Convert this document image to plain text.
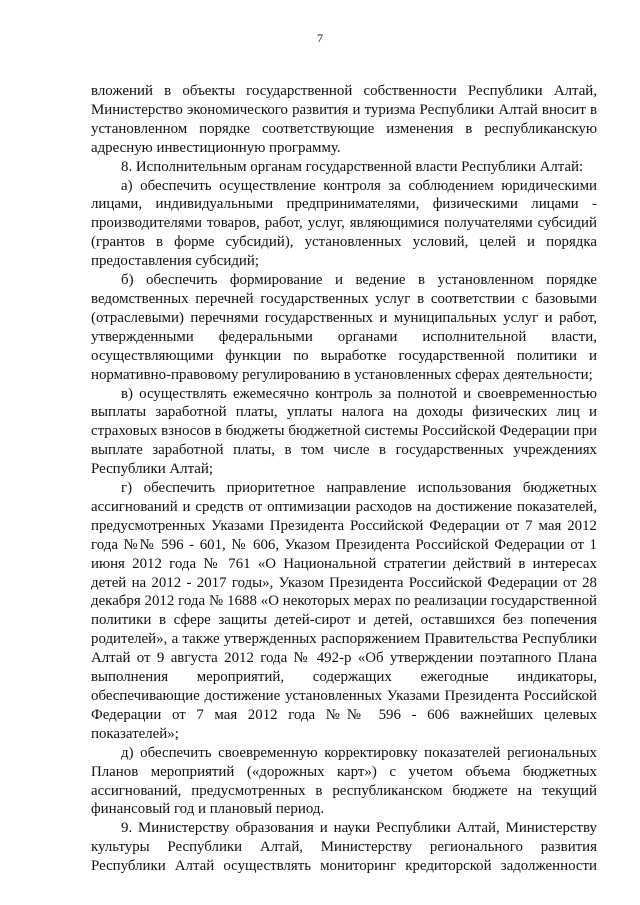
7

вложений в объекты государственной собственности Республики Алтай, Министерство экономического развития и туризма Республики Алтай вносит в установленном порядке соответствующие изменения в республиканскую адресную инвестиционную программу.

8. Исполнительным органам государственной власти Республики Алтай:

а) обеспечить осуществление контроля за соблюдением юридическими лицами, индивидуальными предпринимателями, физическими лицами - производителями товаров, работ, услуг, являющимися получателями субсидий (грантов в форме субсидий), установленных условий, целей и порядка предоставления субсидий;

б) обеспечить формирование и ведение в установленном порядке ведомственных перечней государственных услуг в соответствии с базовыми (отраслевыми) перечнями государственных и муниципальных услуг и работ, утвержденными федеральными органами исполнительной власти, осуществляющими функции по выработке государственной политики и нормативно-правовому регулированию в установленных сферах деятельности;

в) осуществлять ежемесячно контроль за полнотой и своевременностью выплаты заработной платы, уплаты налога на доходы физических лиц и страховых взносов в бюджеты бюджетной системы Российской Федерации при выплате заработной платы, в том числе в государственных учреждениях Республики Алтай;

г) обеспечить приоритетное направление использования бюджетных ассигнований и средств от оптимизации расходов на достижение показателей, предусмотренных Указами Президента Российской Федерации от 7 мая 2012 года №№ 596 - 601, № 606, Указом Президента Российской Федерации от 1 июня 2012 года № 761 «О Национальной стратегии действий в интересах детей на 2012 - 2017 годы», Указом Президента Российской Федерации от 28 декабря 2012 года № 1688 «О некоторых мерах по реализации государственной политики в сфере защиты детей-сирот и детей, оставшихся без попечения родителей», а также утвержденных распоряжением Правительства Республики Алтай от 9 августа 2012 года № 492-р «Об утверждении поэтапного Плана выполнения мероприятий, содержащих ежегодные индикаторы, обеспечивающие достижение установленных Указами Президента Российской Федерации от 7 мая 2012 года №№ 596 - 606 важнейших целевых показателей»;

д) обеспечить своевременную корректировку показателей региональных Планов мероприятий («дорожных карт») с учетом объема бюджетных ассигнований, предусмотренных в республиканском бюджете на текущий финансовый год и плановый период.

9. Министерству образования и науки Республики Алтай, Министерству культуры Республики Алтай, Министерству регионального развития Республики Алтай осуществлять мониторинг кредиторской задолженности
